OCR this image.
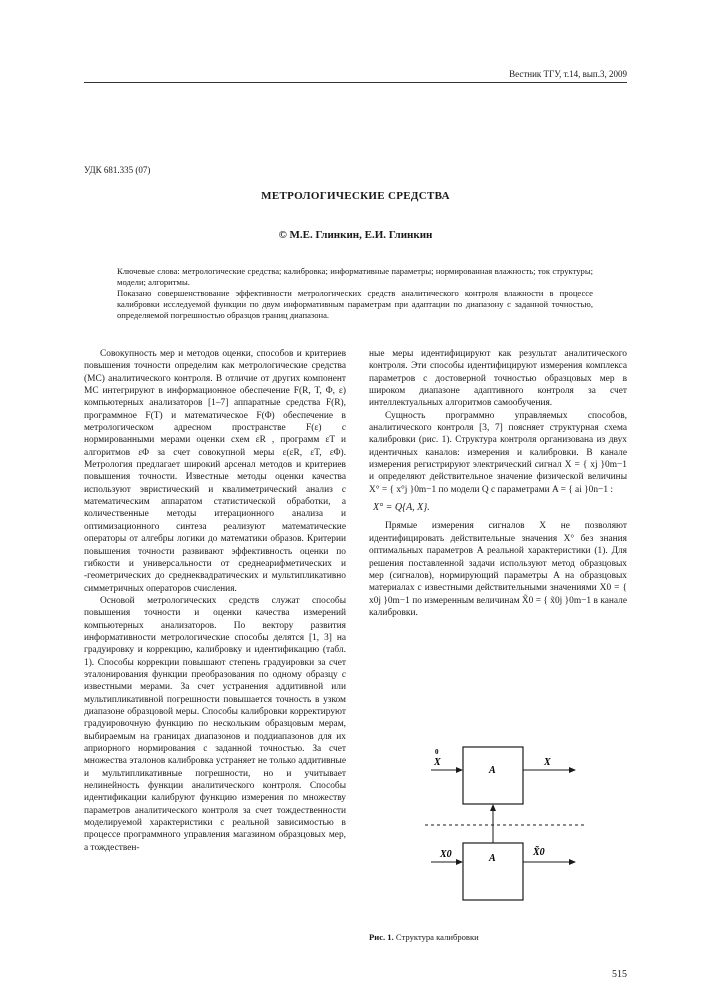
Вестник ТГУ, т.14, вып.3, 2009
УДК 681.335 (07)
МЕТРОЛОГИЧЕСКИЕ СРЕДСТВА
© М.Е. Глинкин, Е.И. Глинкин

Ключевые слова: метрологические средства; калибровка; информативные параметры; нормированная влажность; ток структуры; модели; алгоритмы.

Показано совершенствование эффективности метрологических средств аналитического контроля влажности в процессе калибровки исследуемой функции по двум информативным параметрам при адаптации по диапазону с заданной точностью, определяемой погрешностью образцов границ диапазона.

Совокупность мер и методов оценки, способов и критериев повышения точности определим как метрологические средства (МС) аналитического контроля. В отличие от других компонент МС интегрируют в информационное обеспечение F(R, T, Φ, ε) компьютерных анализаторов [1–7] аппаратные средства F(R), программное F(T) и математическое F(Φ) обеспечение в метрологическом адресном пространстве F(ε) с нормированными мерами оценки схем εR , программ εT и алгоритмов εΦ за счет совокупной меры ε(εR, εT, εΦ). Метрология предлагает широкий арсенал методов и критериев повышения точности. Известные методы оценки качества используют эвристический и квалиметрический анализ с математическим аппаратом статистической обработки, а количественные методы итерационного анализа и оптимизационного синтеза реализуют математические операторы от алгебры логики до математики образов. Критерии повышения точности развивают эффективность оценки по гибкости и универсальности от среднеарифметических и -геометрических до среднеквадратических и мультипликативно симметричных операторов счисления.

Основой метрологических средств служат способы повышения точности и оценки качества измерений компьютерных анализаторов. По вектору развития информативности метрологические способы делятся [1, 3] на градуировку и коррекцию, калибровку и идентификацию (табл. 1). Способы коррекции повышают степень градуировки за счет эталонирования функции преобразования по одному образцу с известными мерами. За счет устранения аддитивной или мультипликативной погрешности повышается точность в узком диапазоне образцовой меры. Способы калибровки корректируют градуировочную функцию по нескольким образцовым мерам, выбираемым на границах диапазонов и поддиапазонов для их априорного нормирования с заданной точностью. За счет множества эталонов калибровка устраняет не только аддитивные и мультипликативные погрешности, но и учитывает нелинейность функции аналитического контроля. Способы идентификации калибруют функцию измерения по множеству параметров аналитического контроля за счет тождественности моделируемой характеристики с реальной зависимостью в процессе программного управления магазином образцовых мер, а тождествен-

ные меры идентифицируют как результат аналитического контроля. Эти способы идентифицируют измерения комплекса параметров с достоверной точностью образцовых мер в широком диапазоне адаптивного контроля за счет интеллектуальных алгоритмов самообучения.

Сущность программно управляемых способов, аналитического контроля [3, 7] поясняет структурная схема калибровки (рис. 1). Структура контроля организована из двух идентичных каналов: измерения и калибровки. В канале измерения регистрируют электрический сигнал X = { xj }0m−1 и определяют действительное значение физической величины X° = { x°j }0m−1 по модели Q с параметрами A = { ai }0n−1 :

X° = Q{A, X}.

Прямые измерения сигналов X не позволяют идентифицировать действительные значения X° без знания оптимальных параметров A реальной характеристики (1). Для решения поставленной задачи используют метод образцовых мер (сигналов), нормирующий параметры A на образцовых материалах с известными действительными значениями X0 = { x0j }0m−1 по измеренным величинам X̃0 = { x̃0j }0m−1 в канале калибровки.

A
0
X	X
A
X0	X̃0
Рис. 1. Структура калибровки
515
